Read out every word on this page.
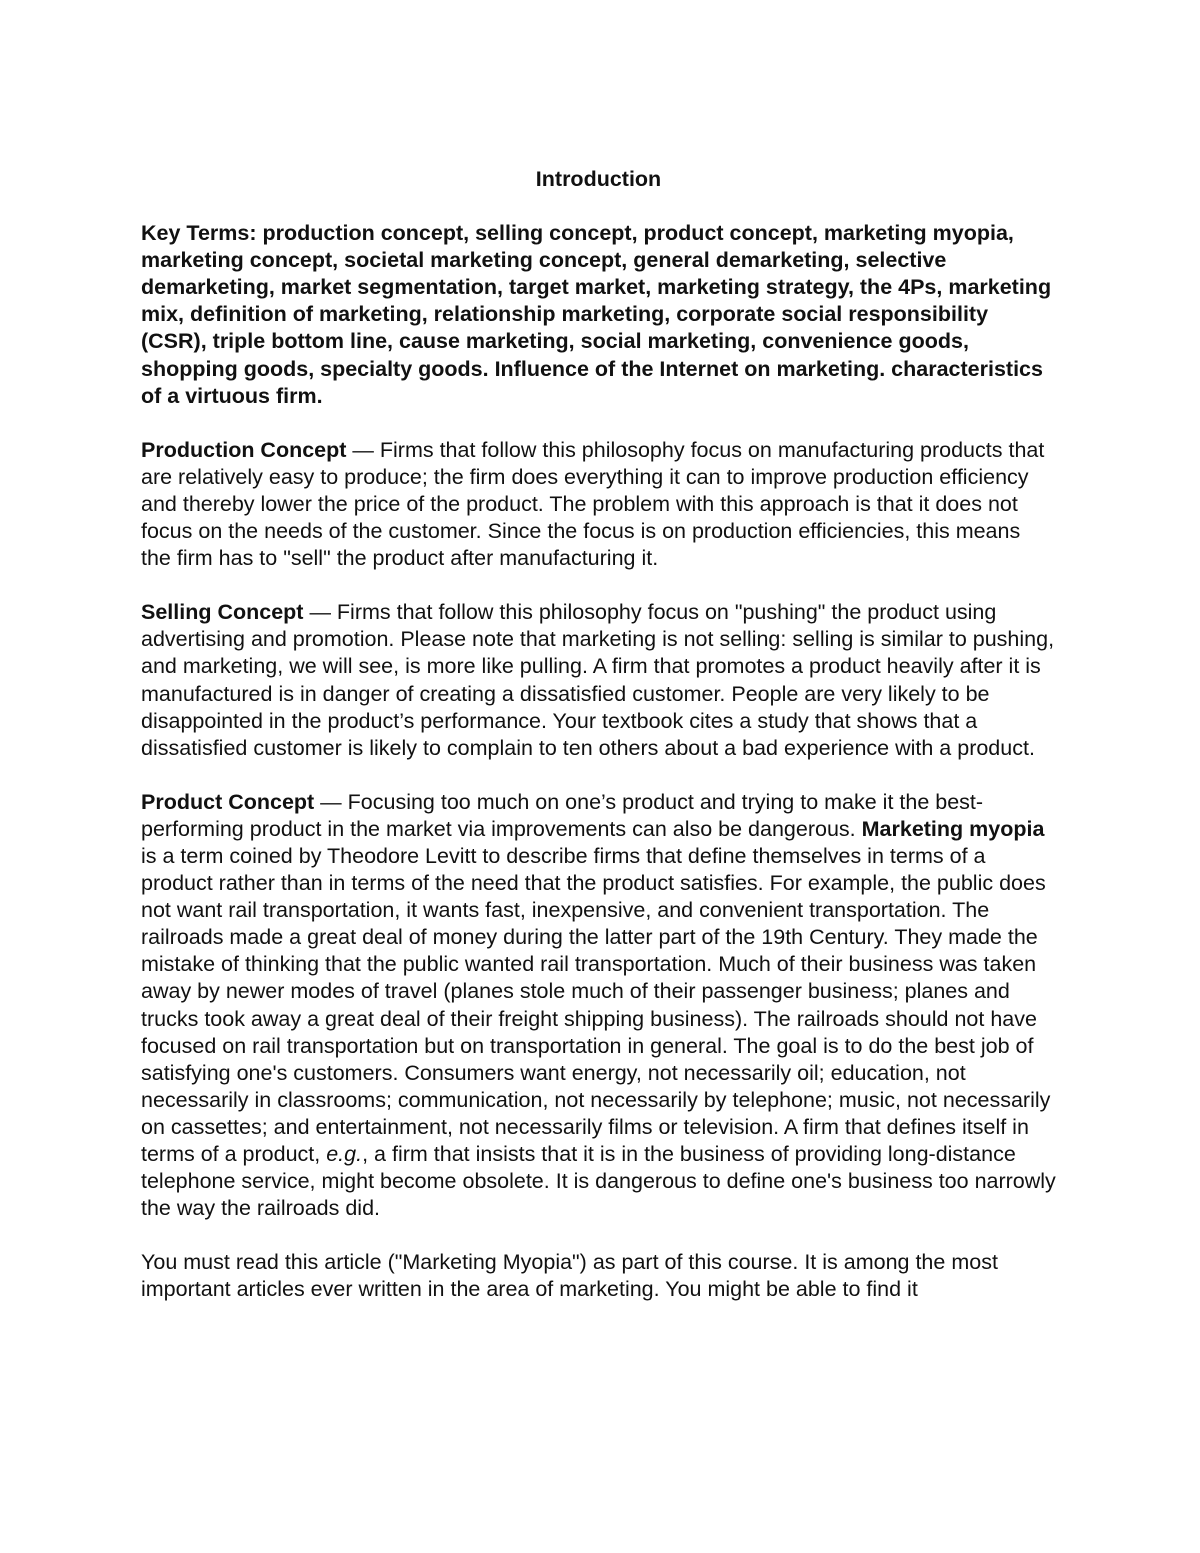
Introduction
Key Terms: production concept, selling concept, product concept, marketing myopia, marketing concept, societal marketing concept, general demarketing, selective demarketing, market segmentation, target market, marketing strategy, the 4Ps, marketing mix, definition of marketing, relationship marketing, corporate social responsibility (CSR), triple bottom line, cause marketing, social marketing, convenience goods, shopping goods, specialty goods. Influence of the Internet on marketing. characteristics of a virtuous firm.

Production Concept — Firms that follow this philosophy focus on manufacturing products that are relatively easy to produce; the firm does everything it can to improve production efficiency and thereby lower the price of the product. The problem with this approach is that it does not focus on the needs of the customer. Since the focus is on production efficiencies, this means the firm has to "sell" the product after manufacturing it.

Selling Concept — Firms that follow this philosophy focus on "pushing" the product using advertising and promotion. Please note that marketing is not selling: selling is similar to pushing, and marketing, we will see, is more like pulling. A firm that promotes a product heavily after it is manufactured is in danger of creating a dissatisfied customer. People are very likely to be disappointed in the product’s performance. Your textbook cites a study that shows that a dissatisfied customer is likely to complain to ten others about a bad experience with a product.

Product Concept — Focusing too much on one’s product and trying to make it the best-performing product in the market via improvements can also be dangerous. Marketing myopia is a term coined by Theodore Levitt to describe firms that define themselves in terms of a product rather than in terms of the need that the product satisfies. For example, the public does not want rail transportation, it wants fast, inexpensive, and convenient transportation. The railroads made a great deal of money during the latter part of the 19th Century. They made the mistake of thinking that the public wanted rail transportation. Much of their business was taken away by newer modes of travel (planes stole much of their passenger business; planes and trucks took away a great deal of their freight shipping business). The railroads should not have focused on rail transportation but on transportation in general. The goal is to do the best job of satisfying one's customers. Consumers want energy, not necessarily oil; education, not necessarily in classrooms; communication, not necessarily by telephone; music, not necessarily on cassettes; and entertainment, not necessarily films or television. A firm that defines itself in terms of a product, e.g., a firm that insists that it is in the business of providing long-distance telephone service, might become obsolete. It is dangerous to define one's business too narrowly the way the railroads did.

You must read this article ("Marketing Myopia") as part of this course. It is among the most important articles ever written in the area of marketing. You might be able to find it
